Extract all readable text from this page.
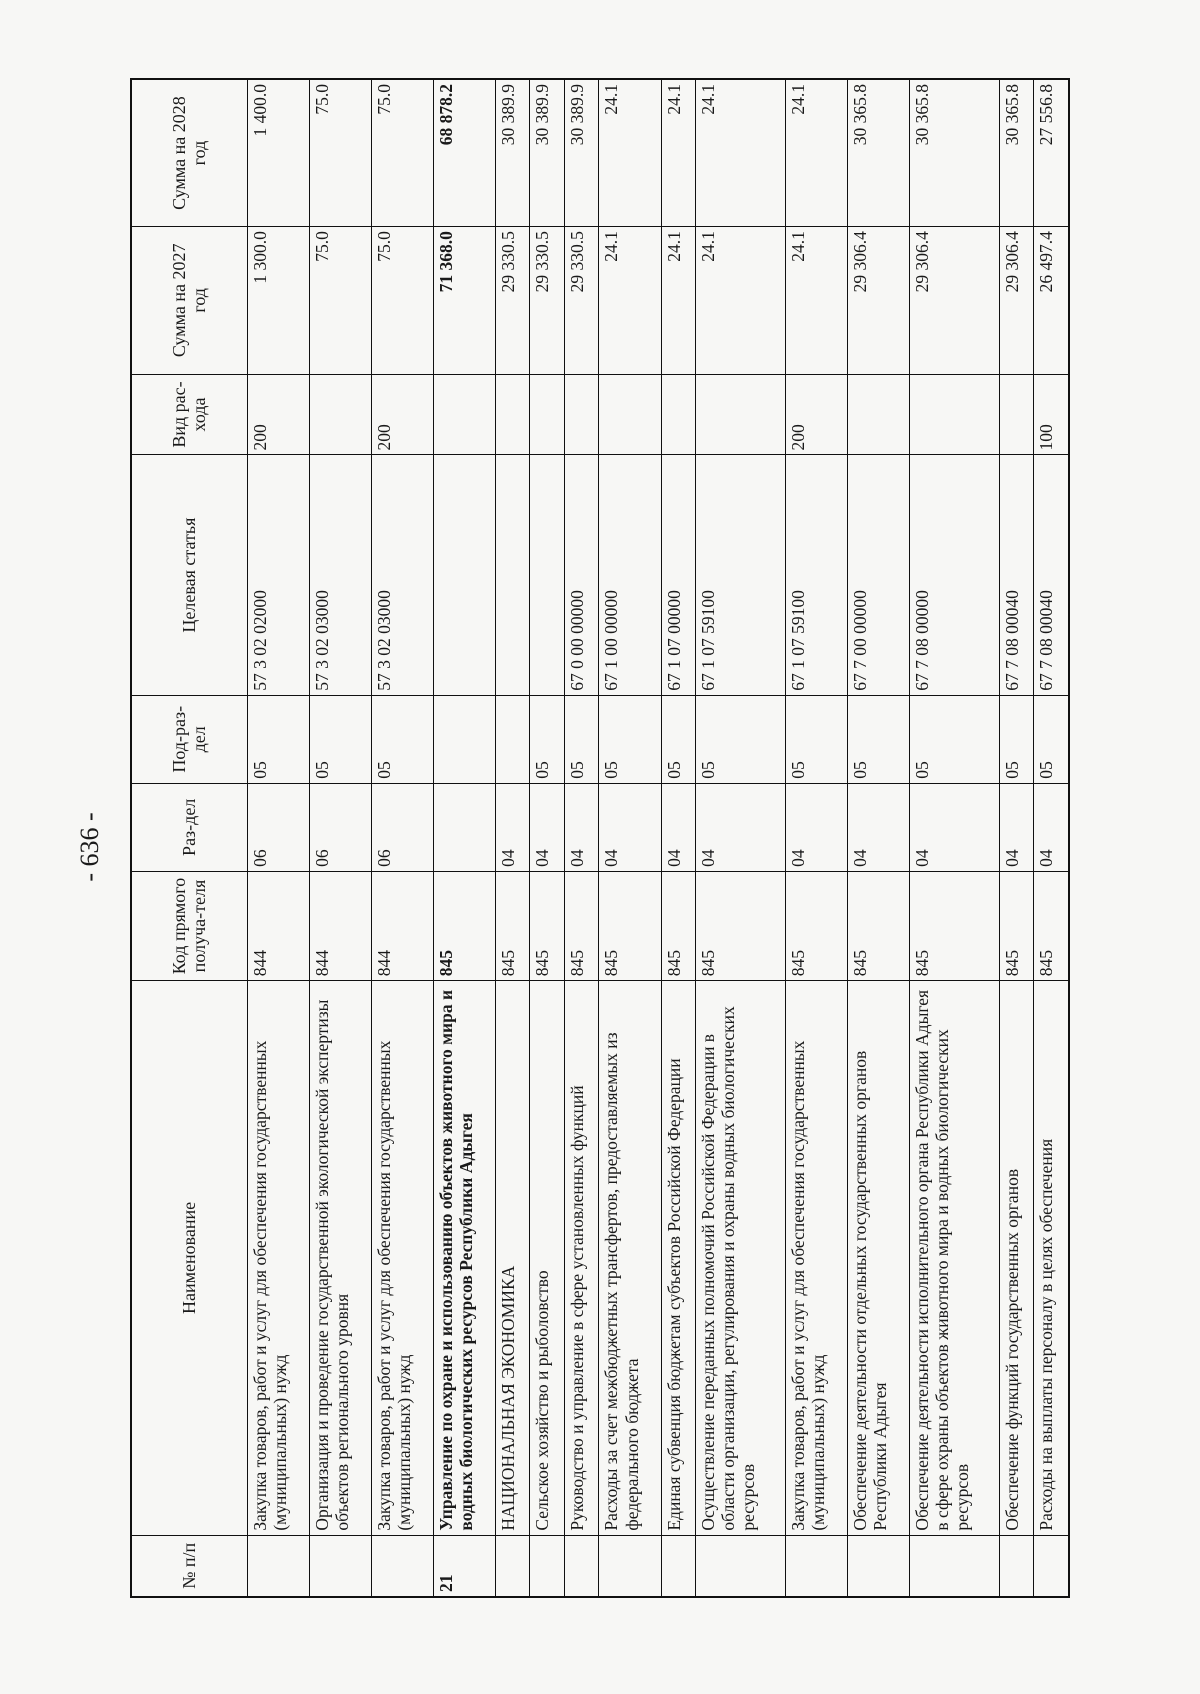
- 636 -
№ п/п	Наименование	Код прямого получа-теля	Раз-дел	Под-раз-дел	Целевая статья	Вид рас-хода	Сумма на 2027 год	Сумма на 2028 год
	Закупка товаров, работ и услуг для обеспечения государственных (муниципальных) нужд	844	06	05	57 3 02 02000	200	1 300.0	1 400.0
	Организация и проведение государственной экологической экспертизы объектов регионального уровня	844	06	05	57 3 02 03000		75.0	75.0
	Закупка товаров, работ и услуг для обеспечения государственных (муниципальных) нужд	844	06	05	57 3 02 03000	200	75.0	75.0
21	Управление по охране и использованию объектов животного мира и водных биологических ресурсов Республики Адыгея	845					71 368.0	68 878.2
	НАЦИОНАЛЬНАЯ ЭКОНОМИКА	845	04				29 330.5	30 389.9
	Сельское хозяйство и рыболовство	845	04	05			29 330.5	30 389.9
	Руководство и управление в сфере установленных функций	845	04	05	67 0 00 00000		29 330.5	30 389.9
	Расходы за счет межбюджетных трансфертов, предоставляемых из федерального бюджета	845	04	05	67 1 00 00000		24.1	24.1
	Единая субвенция бюджетам субъектов Российской Федерации	845	04	05	67 1 07 00000		24.1	24.1
	Осуществление переданных полномочий Российской Федерации в области организации, регулирования и охраны водных биологических ресурсов	845	04	05	67 1 07 59100		24.1	24.1
	Закупка товаров, работ и услуг для обеспечения государственных (муниципальных) нужд	845	04	05	67 1 07 59100	200	24.1	24.1
	Обеспечение деятельности отдельных государственных органов Республики Адыгея	845	04	05	67 7 00 00000		29 306.4	30 365.8
	Обеспечение деятельности исполнительного органа Республики Адыгея в сфере охраны объектов животного мира и водных биологических ресурсов	845	04	05	67 7 08 00000		29 306.4	30 365.8
	Обеспечение функций государственных органов	845	04	05	67 7 08 00040		29 306.4	30 365.8
	Расходы на выплаты персоналу в целях обеспечения	845	04	05	67 7 08 00040	100	26 497.4	27 556.8
